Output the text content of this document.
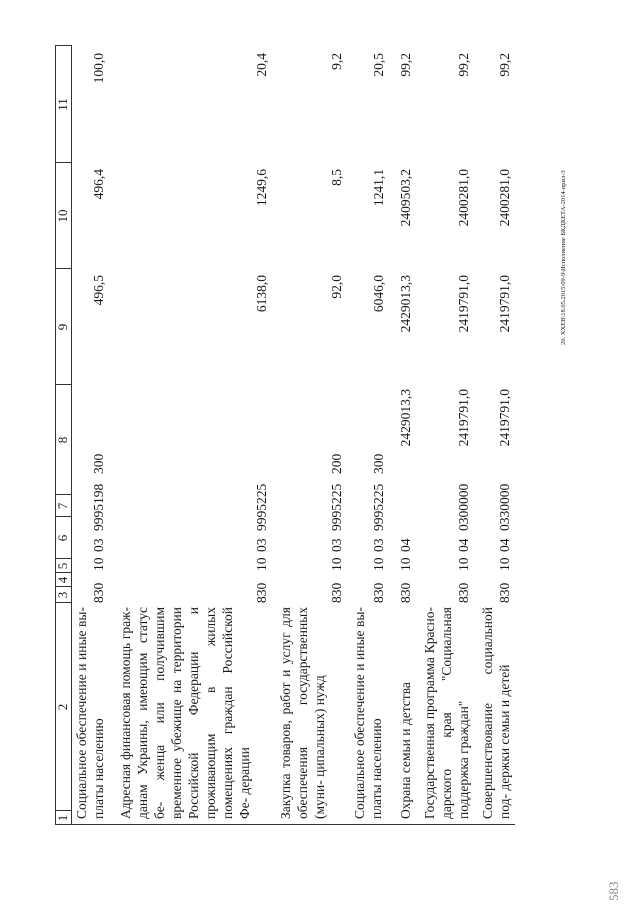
1
2
3
4
5
6
7
8
9
10
11
Социальное обеспечение и иные вы- платы населению
830
10
03
9995198
300
496,5
496,4
100,0
Адресная финансовая помощь граж- данам Украины, имеющим статус бе- женца или получившим временное убежище на территории Российской Федерации и проживающим в жилых помещениях граждан Российской Фе- дерации
830
10
03
9995225
6138,0
1249,6
20,4
Закупка товаров, работ и услуг для обеспечения государственных (муни- ципальных) нужд
830
10
03
9995225
200
92,0
8,5
9,2
Социальное обеспечение и иные вы- платы населению
830
10
03
9995225
300
6046,0
1241,1
20,5
Охрана семьи и детства
830
10
04
2429013,3
2429013,3
2409503,2
99,2
Государственная программа Красно- дарского края "Социальная поддержка граждан"
830
10
04
0300000
2419791,0
2419791,0
2400281,0
99,2
Совершенствование социальной под- держки семьи и детей
830
10
04
0330000
2419791,0
2419791,0
2400281,0
99,2
20. XXEB\18.05.2015\09-9\Исполнение БКДКЕТА-2014-прил-3
583
